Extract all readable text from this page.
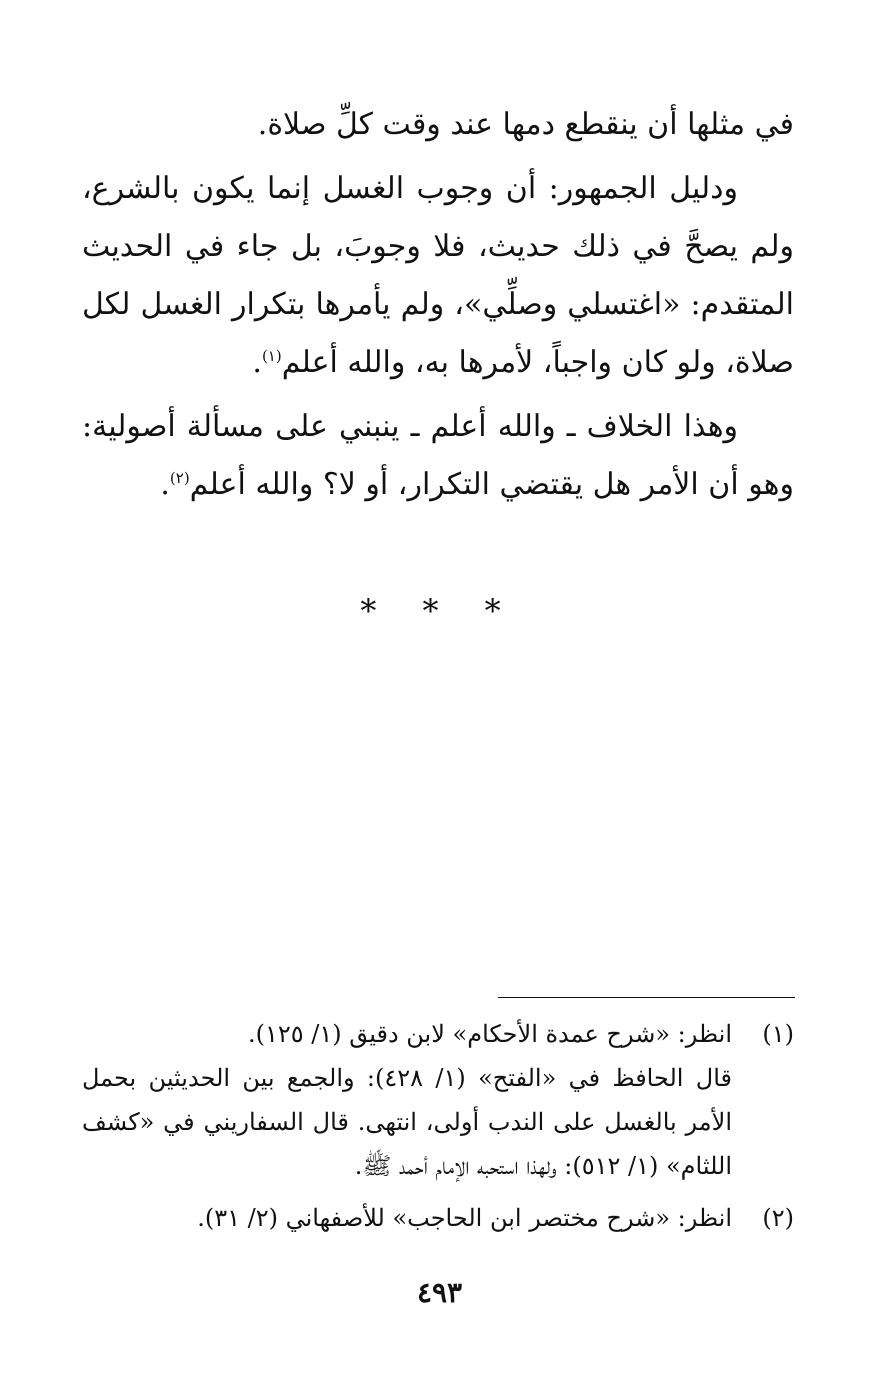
في مثلها أن ينقطع دمها عند وقت كلِّ صلاة.

ودليل الجمهور: أن وجوب الغسل إنما يكون بالشرع، ولم يصحَّ في ذلك حديث، فلا وجوبَ، بل جاء في الحديث المتقدم: «اغتسلي وصلِّي»، ولم يأمرها بتكرار الغسل لكل صلاة، ولو كان واجباً، لأمرها به، والله أعلم$^{(١)}$.

وهذا الخلاف ـ والله أعلم ـ ينبني على مسألة أصولية: وهو أن الأمر هل يقتضي التكرار، أو لا؟ والله أعلم$^{(٢)}$.

* * *
(١)
انظر: «شرح عمدة الأحكام» لابن دقيق (١/ ١٢٥).
قال الحافظ في «الفتح» (١/ ٤٢٨): والجمع بين الحديثين بحمل الأمر بالغسل على الندب أولى، انتهى. قال السفاريني في «كشف اللثام» (١/ ٥١٢): ولهذا استحبه الإمام أحمد ﷺ.
(٢)
انظر: «شرح مختصر ابن الحاجب» للأصفهاني (٢/ ٣١).
٤٩٣
